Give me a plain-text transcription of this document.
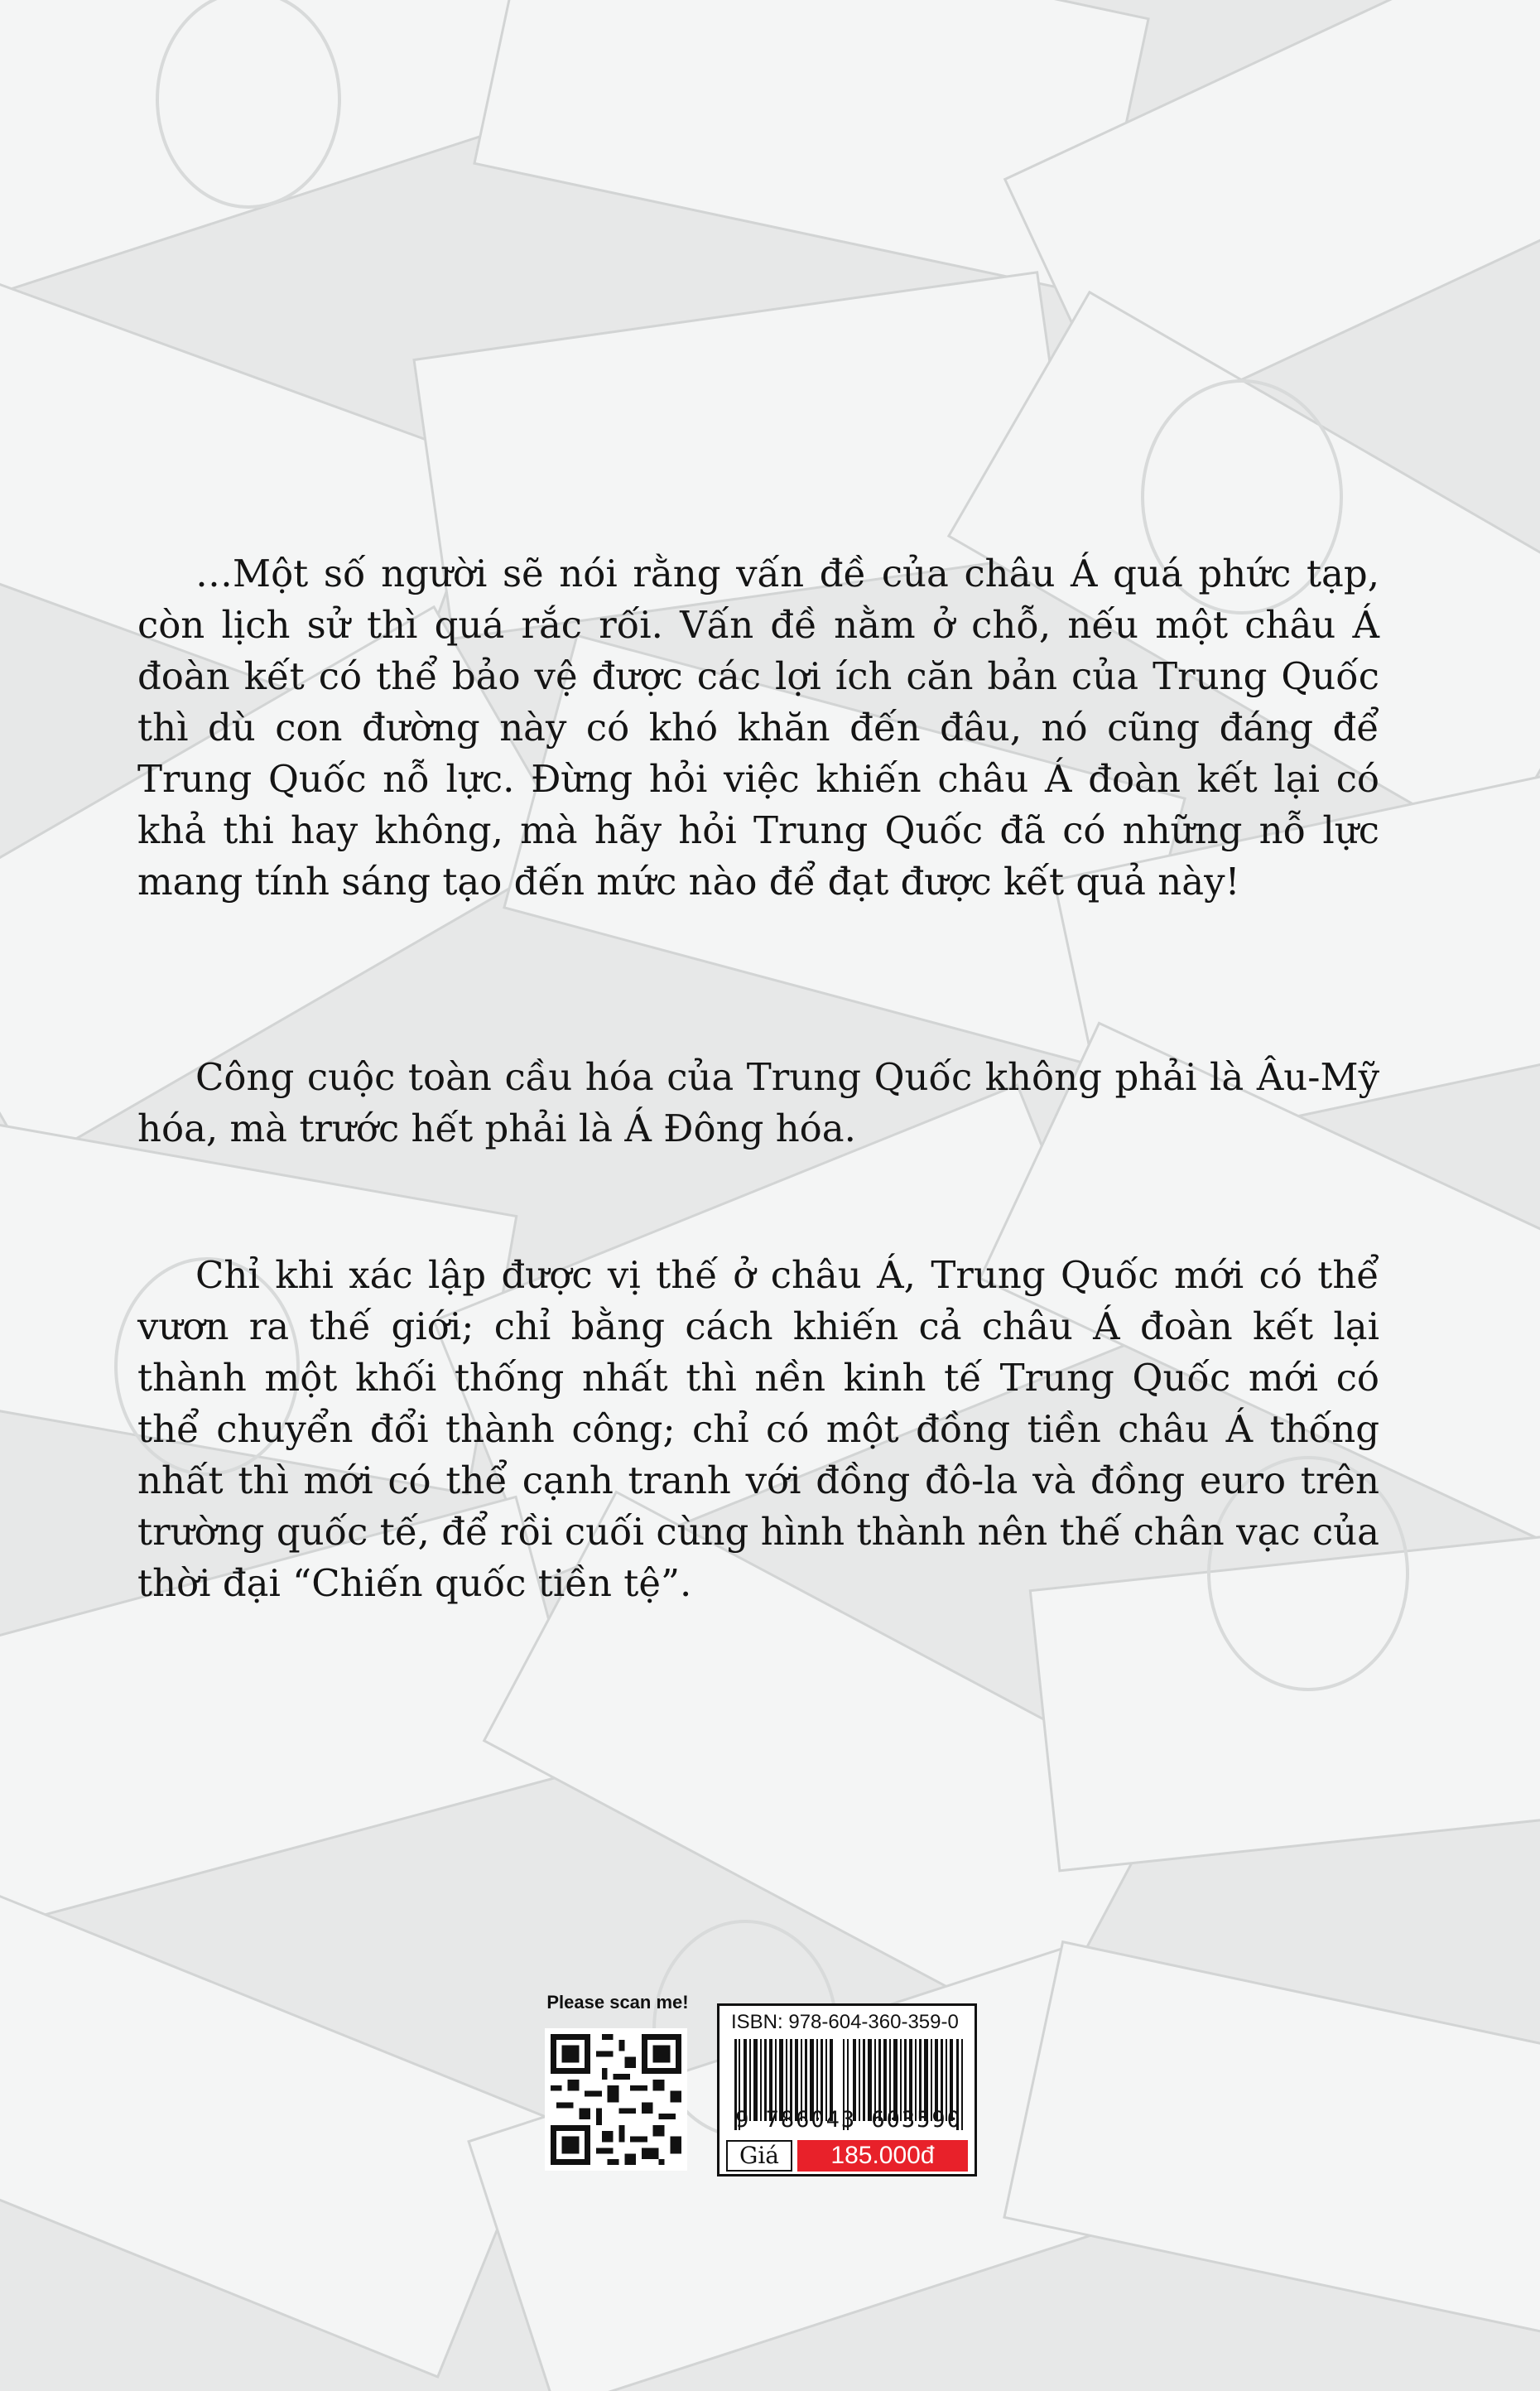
…Một số người sẽ nói rằng vấn đề của châu Á quá phức tạp, còn lịch sử thì quá rắc rối. Vấn đề nằm ở chỗ, nếu một châu Á đoàn kết có thể bảo vệ được các lợi ích căn bản của Trung Quốc thì dù con đường này có khó khăn đến đâu, nó cũng đáng để Trung Quốc nỗ lực. Đừng hỏi việc khiến châu Á đoàn kết lại có khả thi hay không, mà hãy hỏi Trung Quốc đã có những nỗ lực mang tính sáng tạo đến mức nào để đạt được kết quả này!

Công cuộc toàn cầu hóa của Trung Quốc không phải là Âu-Mỹ hóa, mà trước hết phải là Á Đông hóa.

Chỉ khi xác lập được vị thế ở châu Á, Trung Quốc mới có thể vươn ra thế giới; chỉ bằng cách khiến cả châu Á đoàn kết lại thành một khối thống nhất thì nền kinh tế Trung Quốc mới có thể chuyển đổi thành công; chỉ có một đồng tiền châu Á thống nhất thì mới có thể cạnh tranh với đồng đô-la và đồng euro trên trường quốc tế, để rồi cuối cùng hình thành nên thế chân vạc của thời đại “Chiến quốc tiền tệ”.

Please scan me!
ISBN: 978-604-360-359-0
9 786043 603590
Giá	185.000đ
